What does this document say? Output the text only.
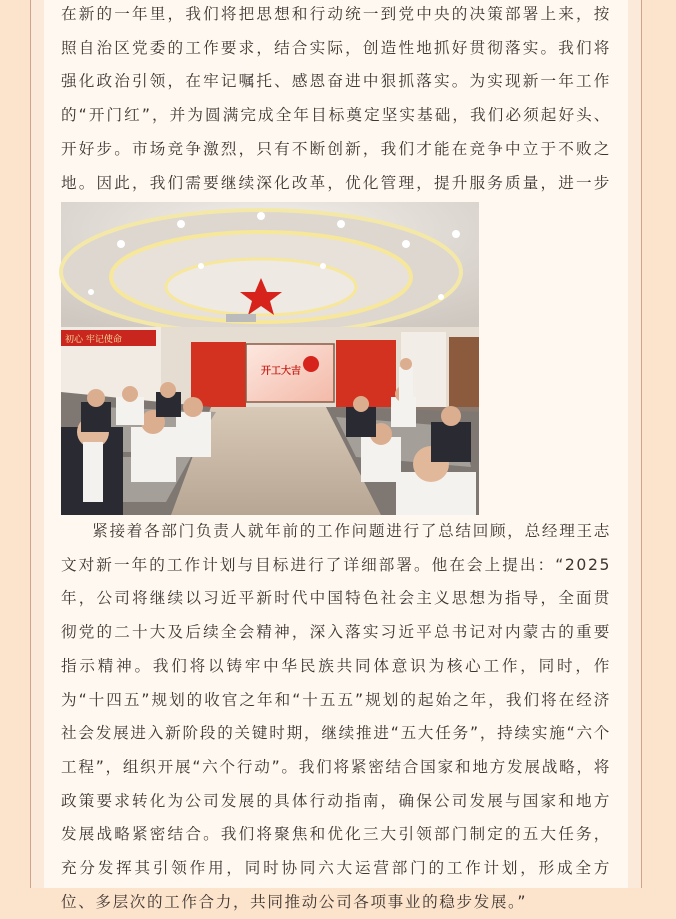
在新的一年里，我们将把思想和行动统一到党中央的决策部署上来，按照自治区党委的工作要求，结合实际，创造性地抓好贯彻落实。我们将强化政治引领，在牢记嘱托、感恩奋进中狠抓落实。为实现新一年工作的“开门红”，并为圆满完成全年目标奠定坚实基础，我们必须起好头、开好步。市场竞争激烈，只有不断创新，我们才能在竞争中立于不败之地。因此，我们需要继续深化改革，优化管理，提升服务质量，进一步

初心 牢记使命
开工大吉

紧接着各部门负责人就年前的工作问题进行了总结回顾，总经理王志文对新一年的工作计划与目标进行了详细部署。他在会上提出：“2025年，公司将继续以习近平新时代中国特色社会主义思想为指导，全面贯彻党的二十大及后续全会精神，深入落实习近平总书记对内蒙古的重要指示精神。我们将以铸牢中华民族共同体意识为核心工作，同时，作为“十四五”规划的收官之年和“十五五”规划的起始之年，我们将在经济社会发展进入新阶段的关键时期，继续推进“五大任务”，持续实施“六个工程”，组织开展“六个行动”。我们将紧密结合国家和地方发展战略，将政策要求转化为公司发展的具体行动指南，确保公司发展与国家和地方发展战略紧密结合。我们将聚焦和优化三大引领部门制定的五大任务，充分发挥其引领作用，同时协同六大运营部门的工作计划，形成全方位、多层次的工作合力，共同推动公司各项事业的稳步发展。”
